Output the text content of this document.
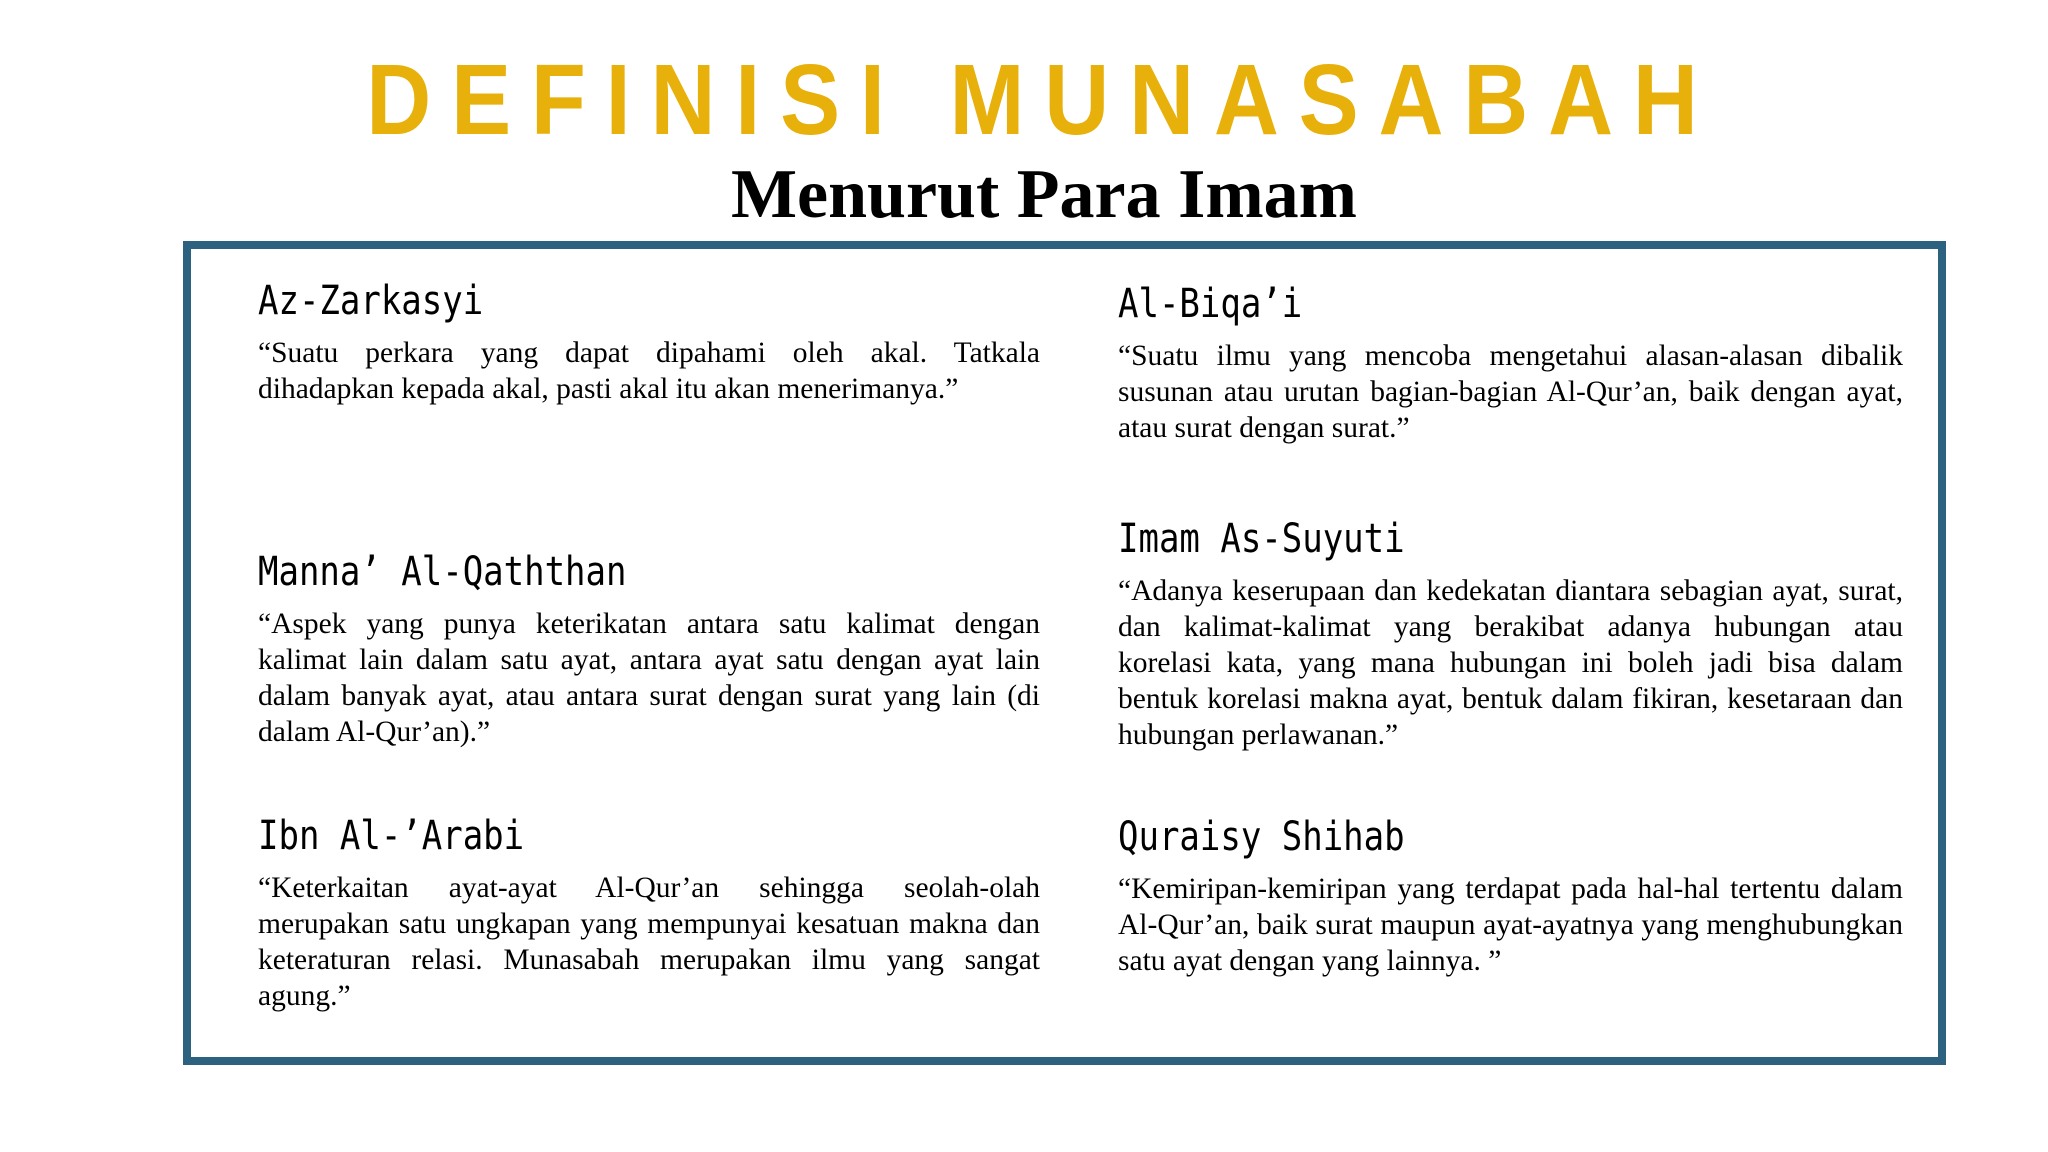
DEFINISI MUNASABAH
Menurut Para Imam

Az-Zarkasyi

“Suatu perkara yang dapat dipahami oleh akal. Tatkala dihadapkan kepada akal, pasti akal itu akan menerimanya.”

Manna’ Al-Qaththan

“Aspek yang punya keterikatan antara satu kalimat dengan kalimat lain dalam satu ayat, antara ayat satu dengan ayat lain dalam banyak ayat, atau antara surat dengan surat yang lain (di dalam Al-Qur’an).”

Ibn Al-’Arabi

“Keterkaitan ayat-ayat Al-Qur’an sehingga seolah-olah merupakan satu ungkapan yang mempunyai kesatuan makna dan keteraturan relasi. Munasabah merupakan ilmu yang sangat agung.”

Al-Biqa’i

“Suatu ilmu yang mencoba mengetahui alasan-alasan dibalik susunan atau urutan bagian-bagian Al-Qur’an, baik dengan ayat, atau surat dengan surat.”

Imam As-Suyuti

“Adanya keserupaan dan kedekatan diantara sebagian ayat, surat, dan kalimat-kalimat yang berakibat adanya hubungan atau korelasi kata, yang mana hubungan ini boleh jadi bisa dalam bentuk korelasi makna ayat, bentuk dalam fikiran, kesetaraan dan hubungan perlawanan.”

Quraisy Shihab

“Kemiripan-kemiripan yang terdapat pada hal-hal tertentu dalam Al-Qur’an, baik surat maupun ayat-ayatnya yang menghubungkan satu ayat dengan yang lainnya. ”
